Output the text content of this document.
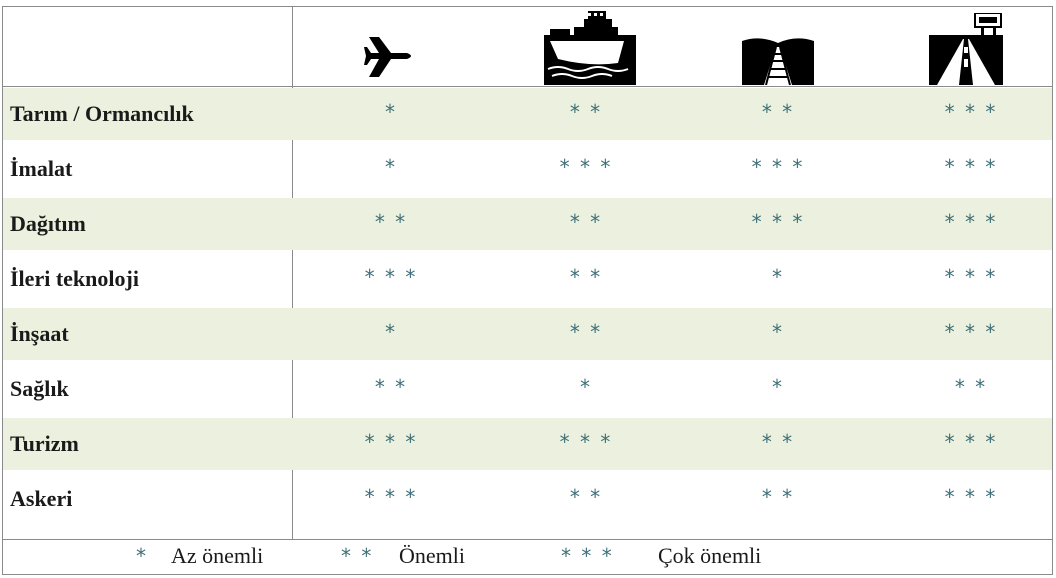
Tarım / Ormancılık	*	* *	* *	* * *
İmalat	*	* * *	* * *	* * *
Dağıtım	* *	* *	* * *	* * *
İleri teknoloji	* * *	* *	*	* * *
İnşaat	*	* *	*	* * *
Sağlık	* *	*	*	* *
Turizm	* * *	* * *	* *	* * *
Askeri	* * *	* *	* *	* * *
* Az önemli	* * Önemli	* * * Çok önemli
